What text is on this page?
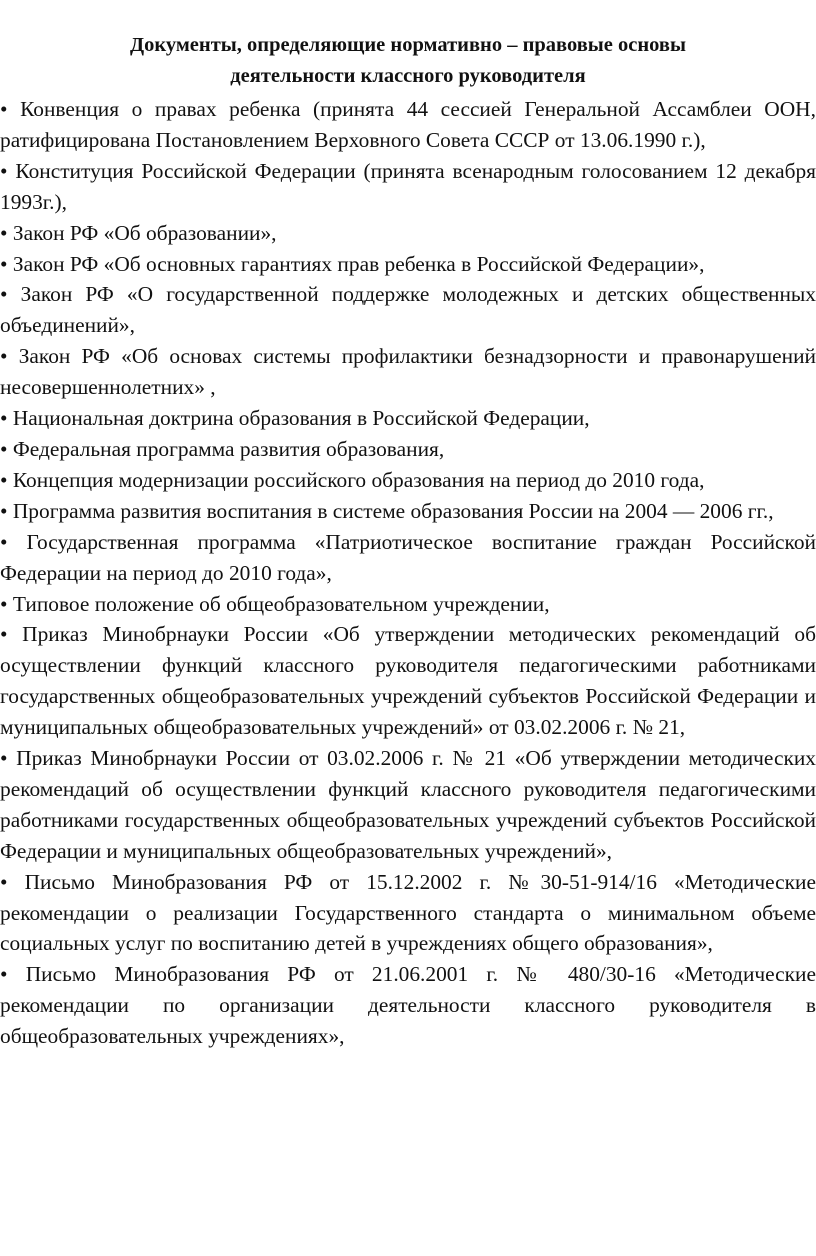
Документы, определяющие нормативно – правовые основы
деятельности классного руководителя
• Конвенция о правах ребенка (принята 44 сессией Генеральной Ассамблеи ООН, ратифицирована Постановлением Верховного Совета СССР от 13.06.1990 г.),
• Конституция Российской Федерации (принята всенародным голосованием 12 декабря 1993г.),
• Закон РФ «Об образовании»,
• Закон РФ «Об основных гарантиях прав ребенка в Российской Федерации»,
• Закон РФ «О государственной поддержке молодежных и детских общественных объединений»,
• Закон РФ «Об основах системы профилактики безнадзорности и правонарушений несовершеннолетних» ,
• Национальная доктрина образования в Российской Федерации,
• Федеральная программа развития образования,
• Концепция модернизации российского образования на период до 2010 года,
• Программа развития воспитания в системе образования России на 2004 — 2006 гг.,
• Государственная программа «Патриотическое воспитание граждан Российской Федерации на период до 2010 года»,
• Типовое положение об общеобразовательном учреждении,
• Приказ Минобрнауки России «Об утверждении методических рекомендаций об осуществлении функций классного руководителя педагогическими работниками государственных общеобразовательных учреждений субъектов Российской Федерации и муниципальных общеобразовательных учреждений» от 03.02.2006 г. № 21,
• Приказ Минобрнауки России от 03.02.2006 г. № 21 «Об утверждении методических рекомендаций об осуществлении функций классного руководителя педагогическими работниками государственных общеобразовательных учреждений субъектов Российской Федерации и муниципальных общеобразовательных учреждений»,
• Письмо Минобразования РФ от 15.12.2002 г. №30-51-914/16 «Методические рекомендации о реализации Государственного стандарта о минимальном объеме социальных услуг по воспитанию детей в учреждениях общего образования»,
• Письмо Минобразования РФ от 21.06.2001 г. № 480/30-16 «Методические рекомендации по организации деятельности классного руководителя в общеобразовательных учреждениях»,
